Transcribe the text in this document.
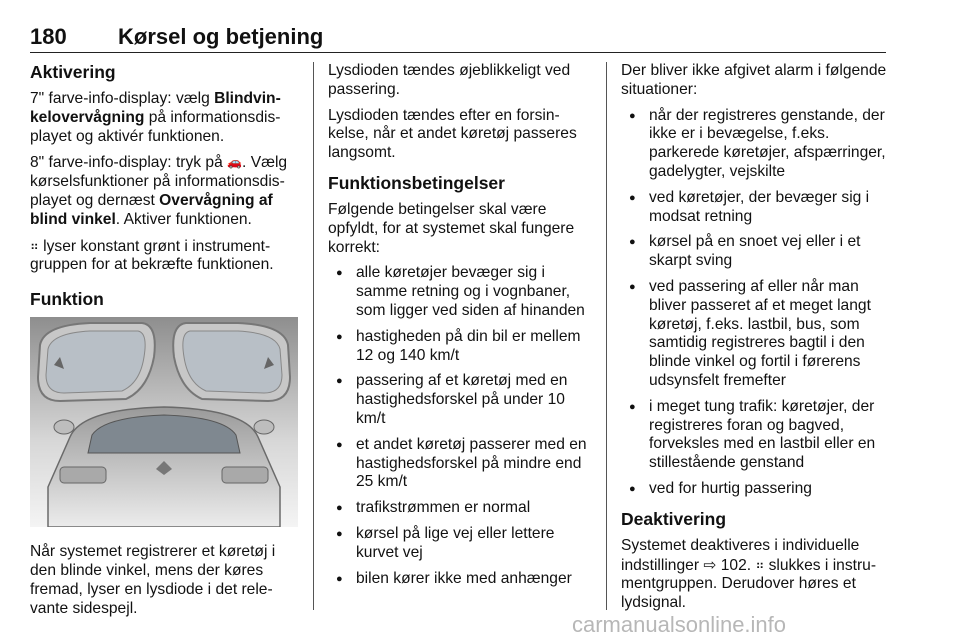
180 Kørsel og betjening
Aktivering

7" farve-info-display: vælg Blindvinkelovervågning på informationsdisplayet og aktivér funktionen.

8" farve-info-display: tryk på 🚗. Vælg kørselsfunktioner på informationsdisplayet og dernæst Overvågning af blind vinkel. Aktiver funktionen.

⠶ lyser konstant grønt i instrumentgruppen for at bekræfte funktionen.

Funktion

Når systemet registrerer et køretøj i den blinde vinkel, mens der køres fremad, lyser en lysdiode i det relevante sidespejl.

Lysdioden tændes øjeblikkeligt ved passering.

Lysdioden tændes efter en forsinkelse, når et andet køretøj passeres langsomt.

Funktionsbetingelser

Følgende betingelser skal være opfyldt, for at systemet skal fungere korrekt:

● alle køretøjer bevæger sig i samme retning og i vognbaner, som ligger ved siden af hinanden
● hastigheden på din bil er mellem 12 og 140 km/t
● passering af et køretøj med en hastighedsforskel på under 10 km/t
● et andet køretøj passerer med en hastighedsforskel på mindre end 25 km/t
● trafikstrømmen er normal
● kørsel på lige vej eller lettere kurvet vej
● bilen kører ikke med anhænger

Der bliver ikke afgivet alarm i følgende situationer:

● når der registreres genstande, der ikke er i bevægelse, f.eks. parkerede køretøjer, afspærringer, gadelygter, vejskilte
● ved køretøjer, der bevæger sig i modsat retning
● kørsel på en snoet vej eller i et skarpt sving
● ved passering af eller når man bliver passeret af et meget langt køretøj, f.eks. lastbil, bus, som samtidig registreres bagtil i den blinde vinkel og fortil i førerens udsynsfelt fremefter
● i meget tung trafik: køretøjer, der registreres foran og bagved, forveksles med en lastbil eller en stillestående genstand
● ved for hurtig passering
Deaktivering

Systemet deaktiveres i individuelle indstillinger ⇨ 102. ⠶ slukkes i instrumentgruppen. Derudover høres et lydsignal.

carmanualsonline.info
